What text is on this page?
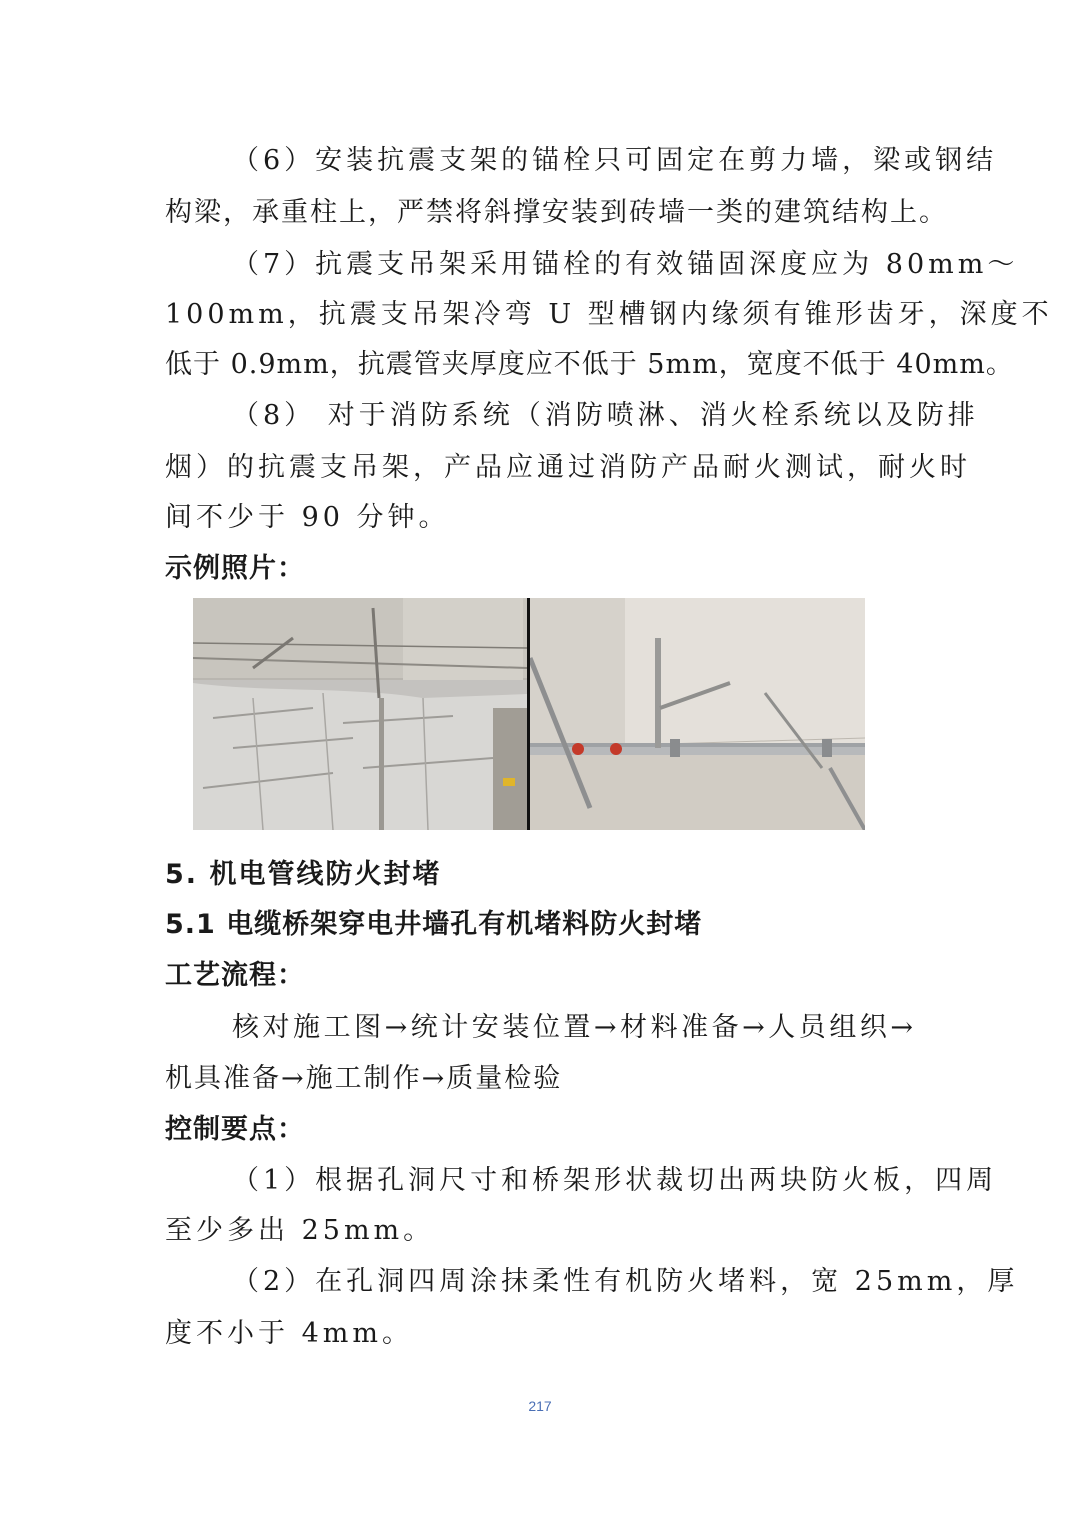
（6）安装抗震支架的锚栓只可固定在剪力墙，梁或钢结
构梁，承重柱上，严禁将斜撑安装到砖墙一类的建筑结构上。
（7）抗震支吊架采用锚栓的有效锚固深度应为 80mm～
100mm，抗震支吊架冷弯 U 型槽钢内缘须有锥形齿牙，深度不
低于 0.9mm，抗震管夹厚度应不低于 5mm，宽度不低于 40mm。
（8） 对于消防系统（消防喷淋、消火栓系统以及防排
烟）的抗震支吊架，产品应通过消防产品耐火测试，耐火时
间不少于 90 分钟。
示例照片：
5. 机电管线防火封堵
5.1 电缆桥架穿电井墙孔有机堵料防火封堵
工艺流程：
核对施工图→统计安装位置→材料准备→人员组织→
机具准备→施工制作→质量检验
控制要点：
（1）根据孔洞尺寸和桥架形状裁切出两块防火板，四周
至少多出 25mm。
（2）在孔洞四周涂抹柔性有机防火堵料，宽 25mm，厚
度不小于 4mm。
217
